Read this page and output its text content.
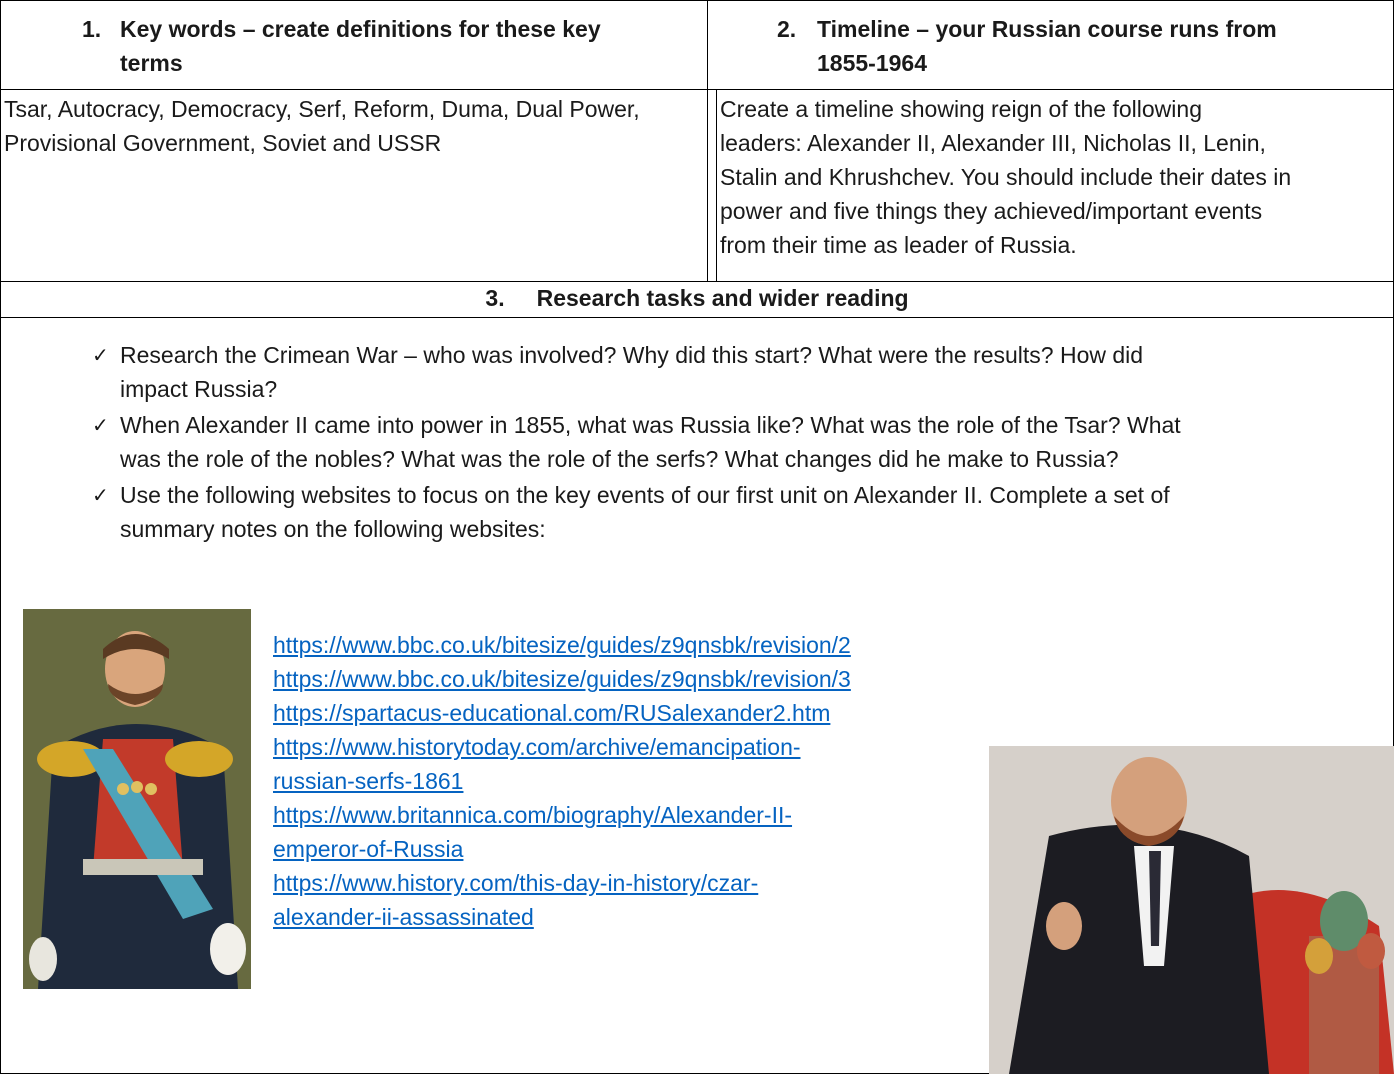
1. Key words – create definitions for these key
terms
2. Timeline – your Russian course runs from
1855-1964
Tsar, Autocracy, Democracy, Serf, Reform, Duma, Dual Power, Provisional Government, Soviet and USSR
Create a timeline showing reign of the following
leaders: Alexander II, Alexander III, Nicholas II, Lenin,
Stalin and Khrushchev. You should include their dates in
power and five things they achieved/important events
from their time as leader of Russia.
3. Research tasks and wider reading
✓ Research the Crimean War – who was involved? Why did this start? What were the results? How did
impact Russia?
✓ When Alexander II came into power in 1855, what was Russia like? What was the role of the Tsar? What
was the role of the nobles? What was the role of the serfs? What changes did he make to Russia?
✓ Use the following websites to focus on the key events of our first unit on Alexander II. Complete a set of
summary notes on the following websites:
https://www.bbc.co.uk/bitesize/guides/z9qnsbk/revision/2
https://www.bbc.co.uk/bitesize/guides/z9qnsbk/revision/3
https://spartacus-educational.com/RUSalexander2.htm
https://www.historytoday.com/archive/emancipation-
russian-serfs-1861
https://www.britannica.com/biography/Alexander-II-
emperor-of-Russia
https://www.history.com/this-day-in-history/czar-
alexander-ii-assassinated
